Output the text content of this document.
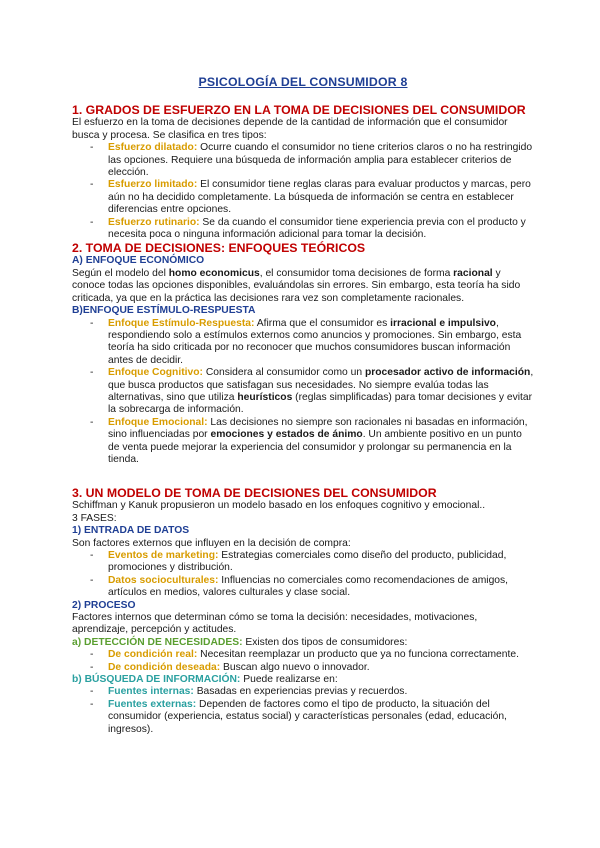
PSICOLOGÍA DEL CONSUMIDOR 8
1. GRADOS DE ESFUERZO EN LA TOMA DE DECISIONES DEL CONSUMIDOR

El esfuerzo en la toma de decisiones depende de la cantidad de información que el consumidor busca y procesa. Se clasifica en tres tipos:

- Esfuerzo dilatado: Ocurre cuando el consumidor no tiene criterios claros o no ha restringido las opciones. Requiere una búsqueda de información amplia para establecer criterios de elección.
- Esfuerzo limitado: El consumidor tiene reglas claras para evaluar productos y marcas, pero aún no ha decidido completamente. La búsqueda de información se centra en establecer diferencias entre opciones.
- Esfuerzo rutinario: Se da cuando el consumidor tiene experiencia previa con el producto y necesita poca o ninguna información adicional para tomar la decisión.
2. TOMA DE DECISIONES: ENFOQUES TEÓRICOS
A) ENFOQUE ECONÓMICO

Según el modelo del homo economicus, el consumidor toma decisiones de forma racional y conoce todas las opciones disponibles, evaluándolas sin errores. Sin embargo, esta teoría ha sido criticada, ya que en la práctica las decisiones rara vez son completamente racionales.

B)ENFOQUE ESTÍMULO-RESPUESTA
- Enfoque Estímulo-Respuesta: Afirma que el consumidor es irracional e impulsivo, respondiendo solo a estímulos externos como anuncios y promociones. Sin embargo, esta teoría ha sido criticada por no reconocer que muchos consumidores buscan información antes de decidir.
- Enfoque Cognitivo: Considera al consumidor como un procesador activo de información, que busca productos que satisfagan sus necesidades. No siempre evalúa todas las alternativas, sino que utiliza heurísticos (reglas simplificadas) para tomar decisiones y evitar la sobrecarga de información.
- Enfoque Emocional: Las decisiones no siempre son racionales ni basadas en información, sino influenciadas por emociones y estados de ánimo. Un ambiente positivo en un punto de venta puede mejorar la experiencia del consumidor y prolongar su permanencia en la tienda.
3. UN MODELO DE TOMA DE DECISIONES DEL CONSUMIDOR

Schiffman y Kanuk propusieron un modelo basado en los enfoques cognitivo y emocional..

3 FASES:

1) ENTRADA DE DATOS

Son factores externos que influyen en la decisión de compra:

- Eventos de marketing: Estrategias comerciales como diseño del producto, publicidad, promociones y distribución.
- Datos socioculturales: Influencias no comerciales como recomendaciones de amigos, artículos en medios, valores culturales y clase social.
2) PROCESO

Factores internos que determinan cómo se toma la decisión: necesidades, motivaciones, aprendizaje, percepción y actitudes.

a) DETECCIÓN DE NECESIDADES: Existen dos tipos de consumidores:

- De condición real: Necesitan reemplazar un producto que ya no funciona correctamente.
- De condición deseada: Buscan algo nuevo o innovador.

b) BÚSQUEDA DE INFORMACIÓN: Puede realizarse en:

- Fuentes internas: Basadas en experiencias previas y recuerdos.
- Fuentes externas: Dependen de factores como el tipo de producto, la situación del consumidor (experiencia, estatus social) y características personales (edad, educación, ingresos).
